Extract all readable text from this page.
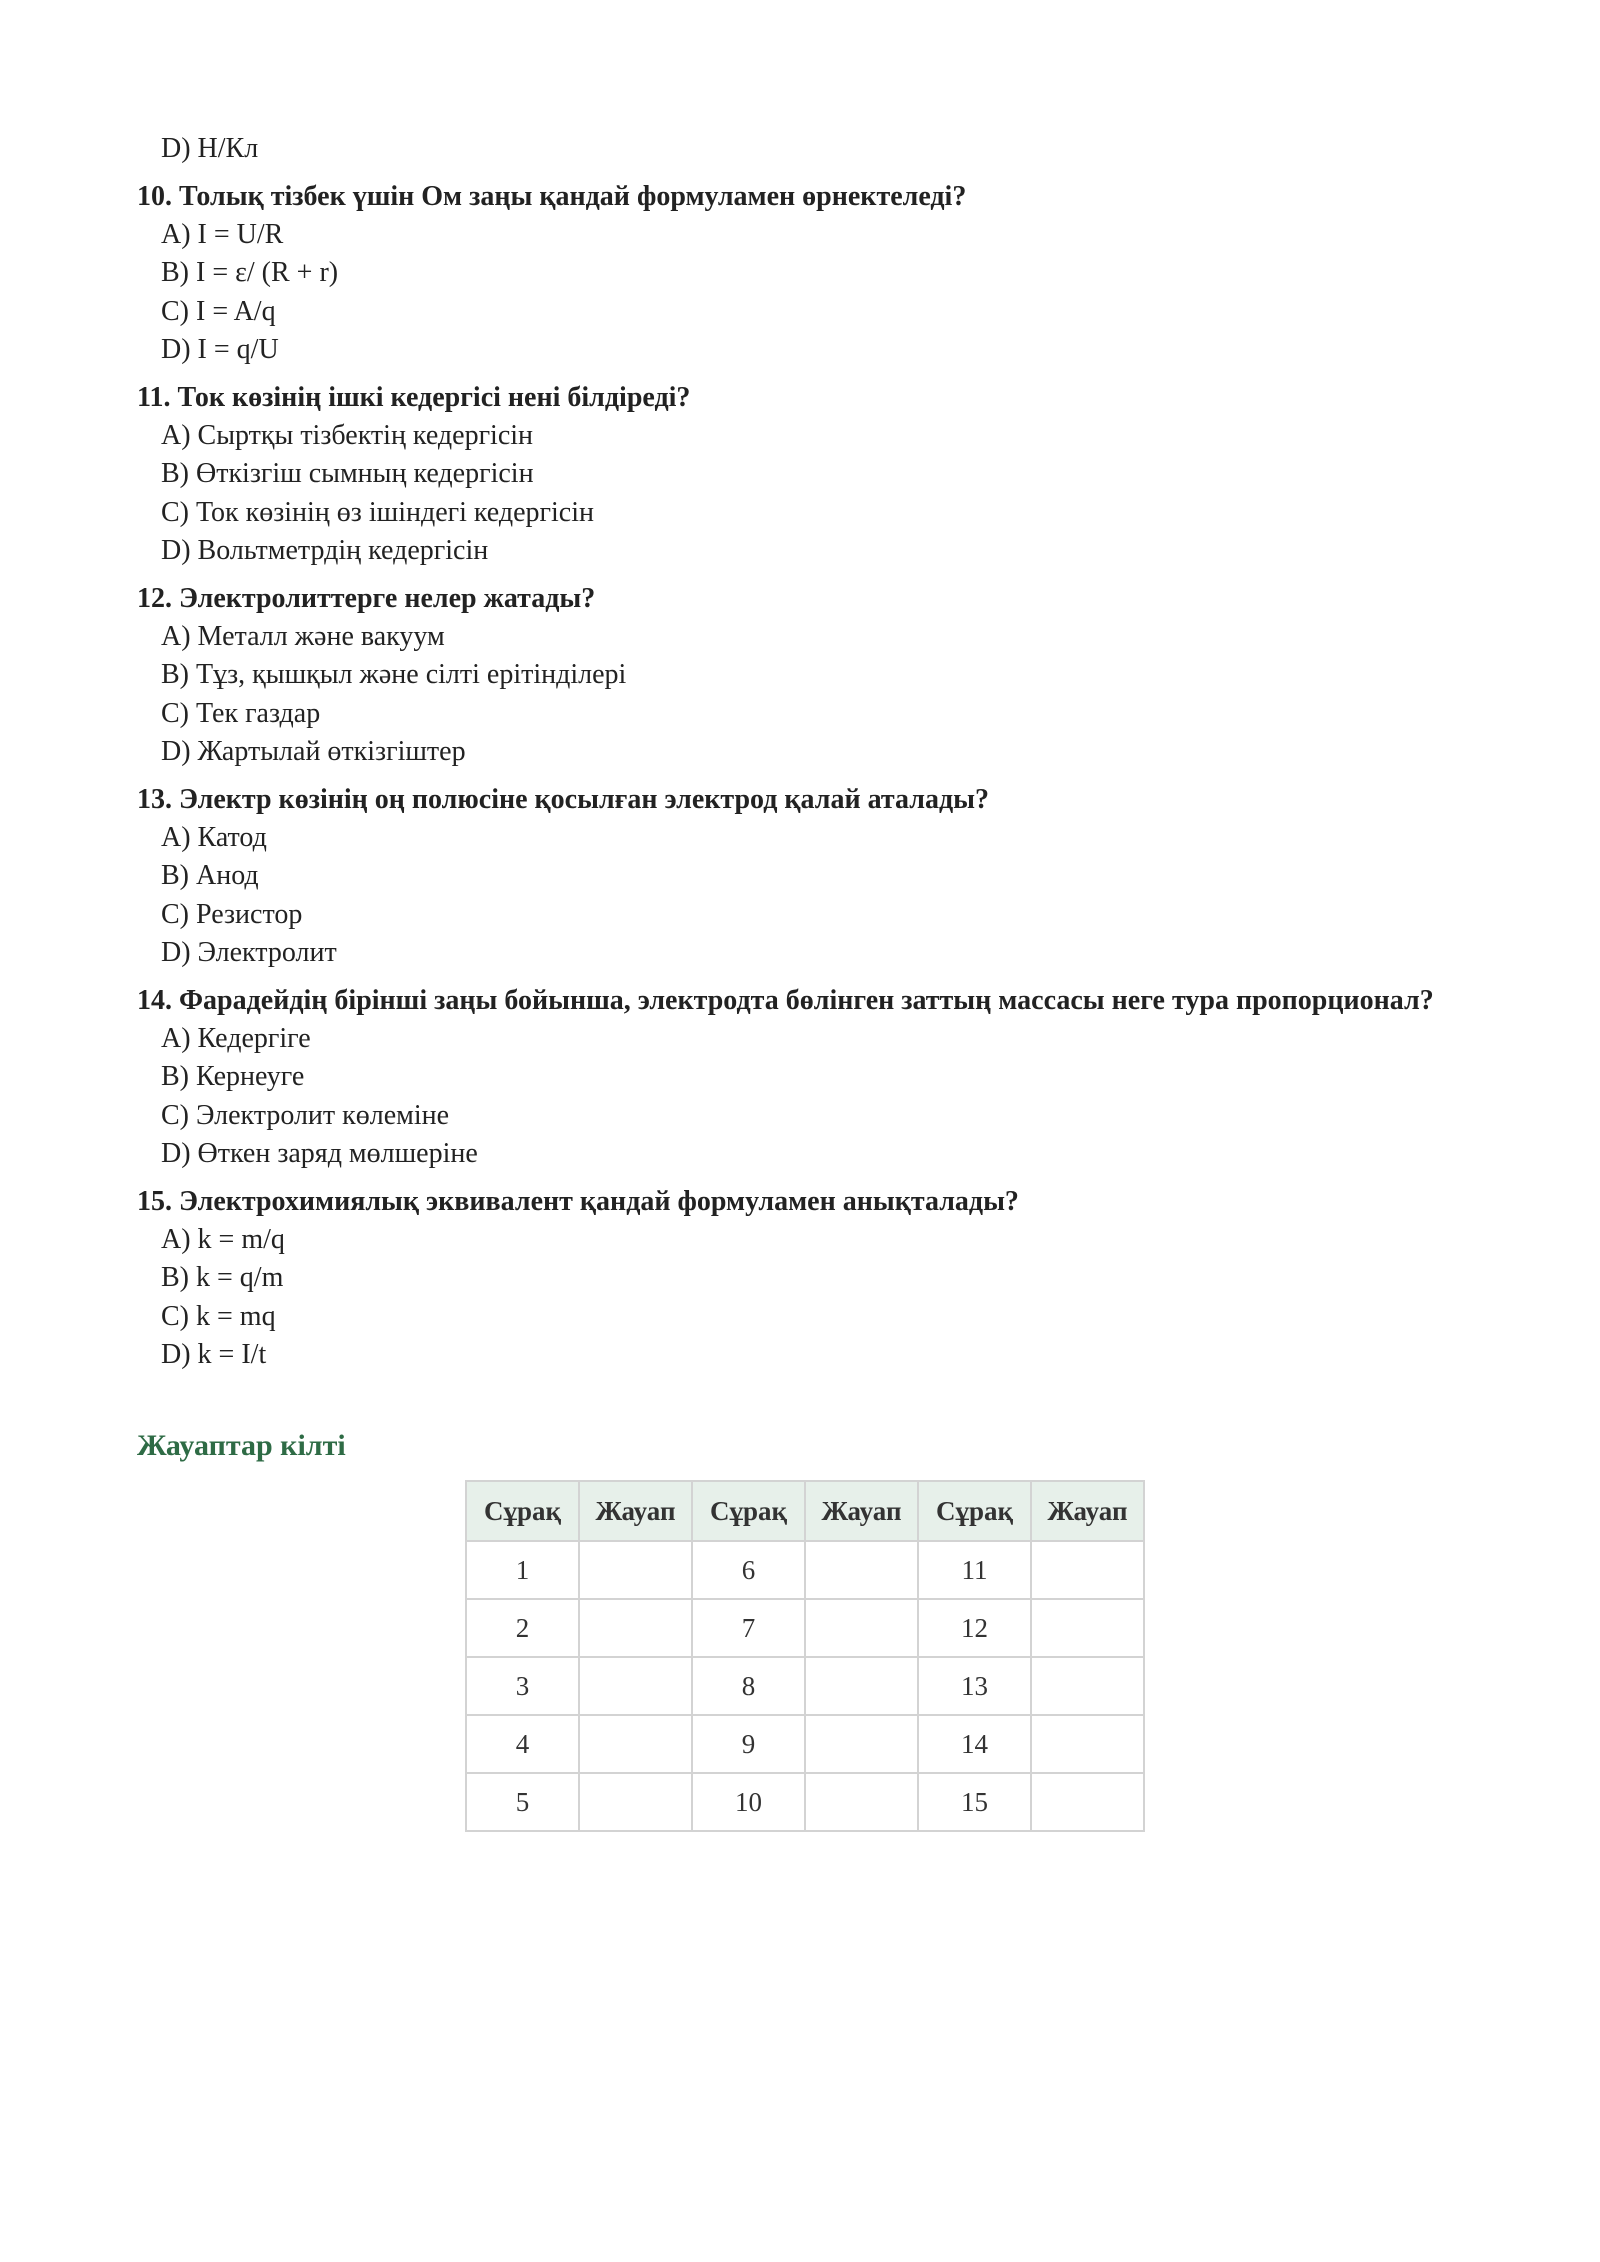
D) Н/Кл
10. Толық тізбек үшін Ом заңы қандай формуламен өрнектеледі?
A) I = U/R
B) I = ε/ (R + r)
C) I = A/q
D) I = q/U
11. Ток көзінің ішкі кедергісі нені білдіреді?
A) Сыртқы тізбектің кедергісін
B) Өткізгіш сымның кедергісін
C) Ток көзінің өз ішіндегі кедергісін
D) Вольтметрдің кедергісін
12. Электролиттерге нелер жатады?
A) Металл және вакуум
B) Тұз, қышқыл және сілті ерітінділері
C) Тек газдар
D) Жартылай өткізгіштер
13. Электр көзінің оң полюсіне қосылған электрод қалай аталады?
A) Катод
B) Анод
C) Резистор
D) Электролит
14. Фарадейдің бірінші заңы бойынша, электродта бөлінген заттың массасы неге тура пропорционал?
A) Кедергіге
B) Кернеуге
C) Электролит көлеміне
D) Өткен заряд мөлшеріне
15. Электрохимиялық эквивалент қандай формуламен анықталады?
A) k = m/q
B) k = q/m
C) k = mq
D) k = I/t
Жауаптар кілті
Сұрақ	Жауап	Сұрақ	Жауап	Сұрақ	Жауап
1		6		11	
2		7		12	
3		8		13	
4		9		14	
5		10		15	
